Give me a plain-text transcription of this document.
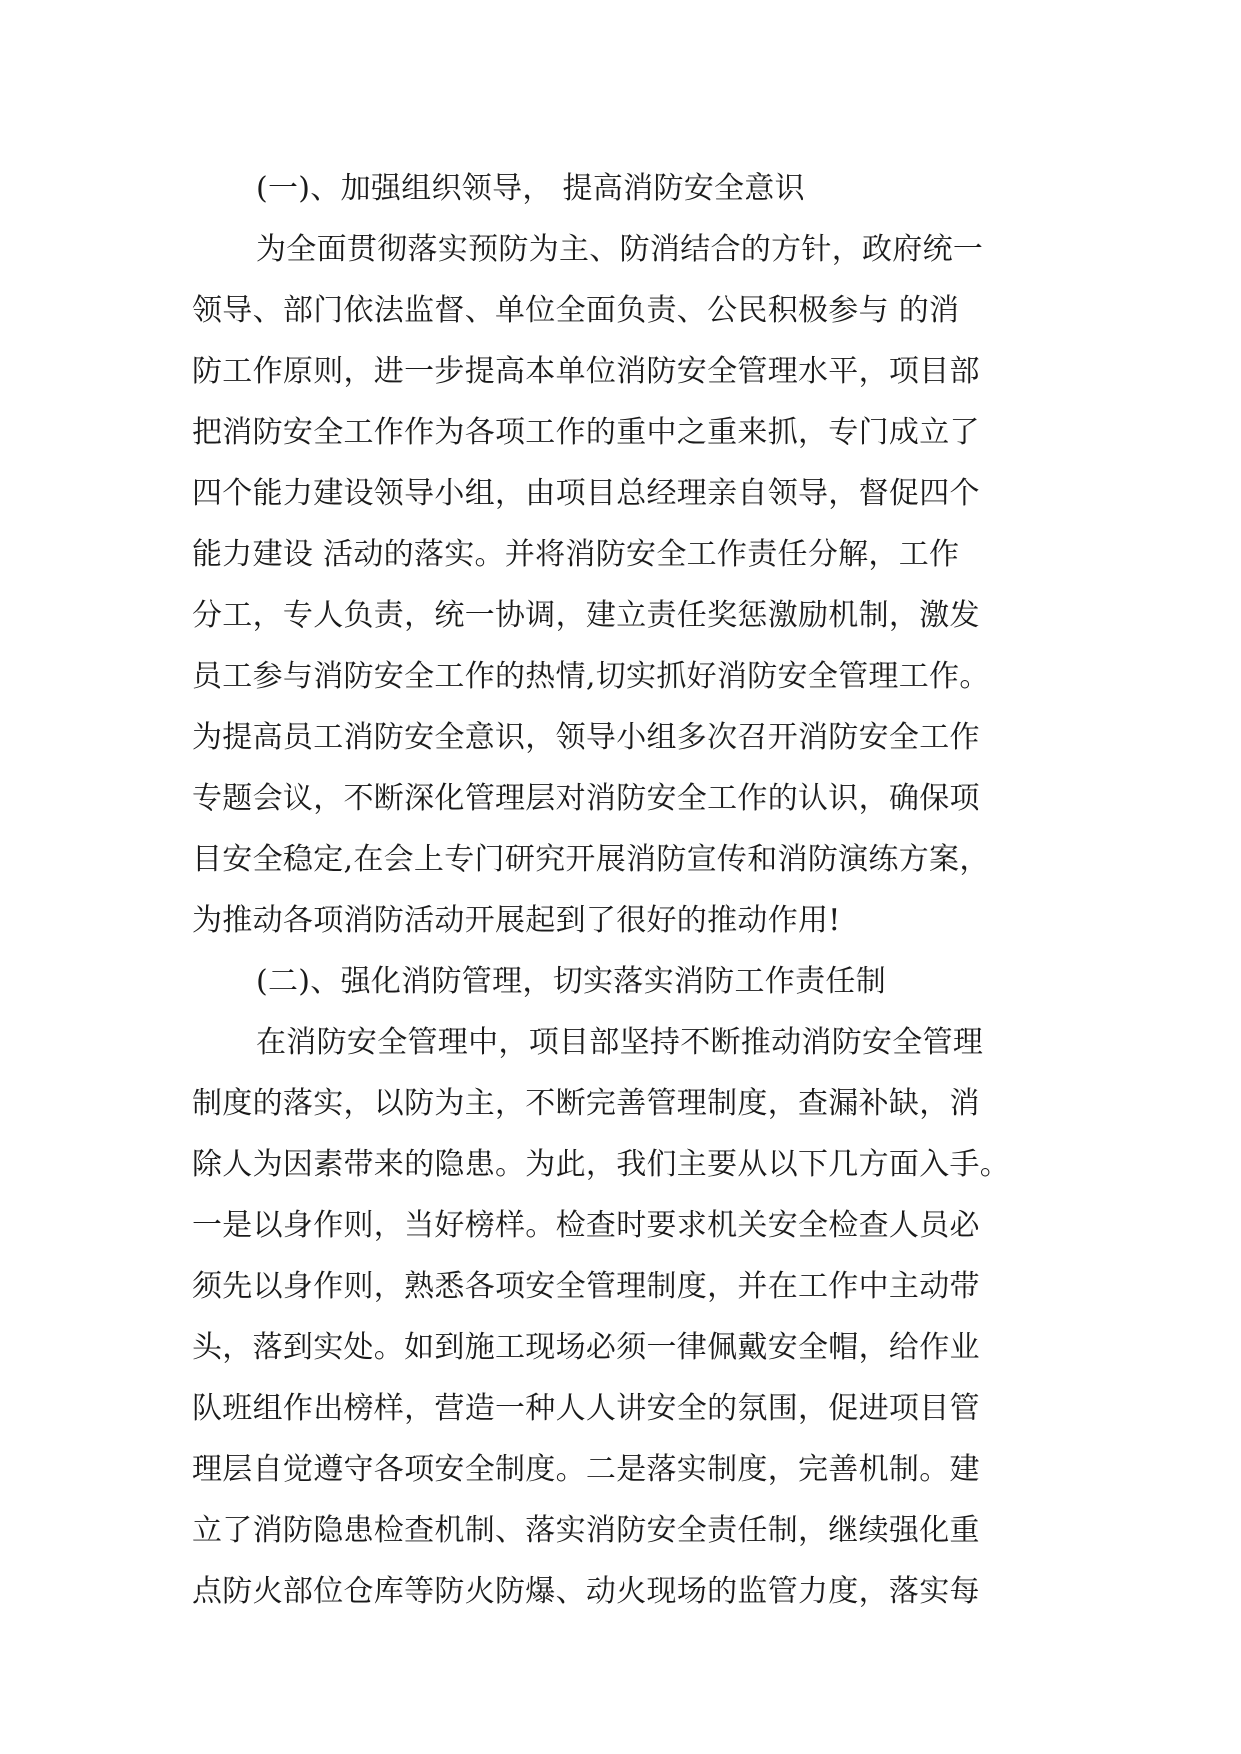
(一)、加强组织领导， 提高消防安全意识
为全面贯彻落实预防为主、防消结合的方针，政府统一
领导、部门依法监督、单位全面负责、公民积极参与 的消
防工作原则，进一步提高本单位消防安全管理水平，项目部
把消防安全工作作为各项工作的重中之重来抓，专门成立了
四个能力建设领导小组，由项目总经理亲自领导，督促四个
能力建设 活动的落实。并将消防安全工作责任分解，工作
分工，专人负责，统一协调，建立责任奖惩激励机制，激发
员工参与消防安全工作的热情,切实抓好消防安全管理工作。
为提高员工消防安全意识，领导小组多次召开消防安全工作
专题会议，不断深化管理层对消防安全工作的认识，确保项
目安全稳定,在会上专门研究开展消防宣传和消防演练方案，
为推动各项消防活动开展起到了很好的推动作用!
(二)、强化消防管理，切实落实消防工作责任制
在消防安全管理中，项目部坚持不断推动消防安全管理
制度的落实，以防为主，不断完善管理制度，查漏补缺，消
除人为因素带来的隐患。为此，我们主要从以下几方面入手。
一是以身作则，当好榜样。检查时要求机关安全检查人员必
须先以身作则，熟悉各项安全管理制度，并在工作中主动带
头，落到实处。如到施工现场必须一律佩戴安全帽，给作业
队班组作出榜样，营造一种人人讲安全的氛围，促进项目管
理层自觉遵守各项安全制度。二是落实制度，完善机制。建
立了消防隐患检查机制、落实消防安全责任制，继续强化重
点防火部位仓库等防火防爆、动火现场的监管力度，落实每
